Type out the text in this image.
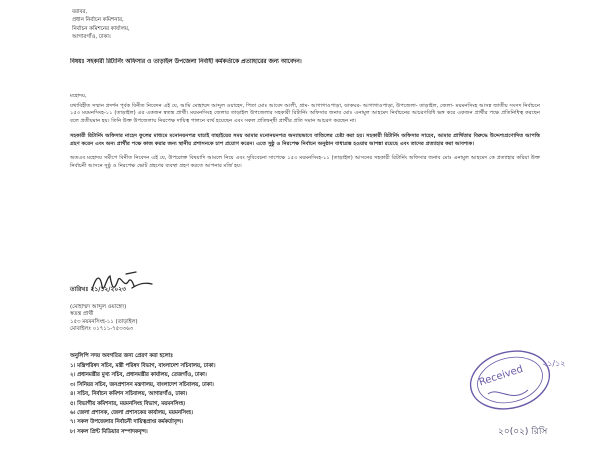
বরাবর,
প্রধান নির্বাচন কমিশনার,
নির্বাচন কমিশনের কার্যালয়,
আগারগাঁও, ঢাকা।
বিষয়ঃ সহকারী রিটার্নিং অফিসার ও তাড়াইল উপজেলা নির্বাহী কর্মকর্তাকে প্রত্যাহারের জন্য আবেদন।
মহোদয়,

যথাবিহীত সম্মান প্রদর্শন পূর্বক বিনীত নিবেদন এই যে, আমি মোহাম্মদ আব্দুল ওয়াহেদ, পিতা মোঃ আবেদ আলী, গ্রাম- আগাগাওপাড়া, ডাকঘর- আগাগাওপাড়া, উপজেলা- তাড়াইল, জেলা- ময়মনসিংহ আসন্ন জাতীয় সংসদ নির্বাচনে ১৫৩ ময়মনসিংহ-১১ (তাড়াইল) এর একজন স্বতন্ত্র প্রার্থী। ময়মনসিংহ জেলার তাড়াইল উপজেলার সহকারী রিটার্নিং অফিসার জনাব মোঃ এনামুল আহমেদ নির্বাচনের আচরণবিধি ভঙ্গ করে একজন প্রার্থীর পক্ষে প্রতিনিধিত্ব করছেন বলে প্রতীয়মান হয়। তিনি উক্ত উপজেলায় নিরপেক্ষ দায়িত্ব পালনে ব্যর্থ হয়েছেন এবং সকল প্রতিদ্বন্দ্বী প্রার্থীর প্রতি সমান আচরণ করছেন না।

সহকারী রিটার্নিং অফিসার নাহেদ ফুলের মাধ্যমে মনোনয়নপত্র যাচাই বাছাইয়ের সময় আমার মনোনয়নপত্র অন্যায়ভাবে বাতিলের চেষ্টা করা হয়। সহকারী রিটার্নিং অফিসার সাহেব, আমার প্রার্থিতার বিরুদ্ধে উদ্দেশ্যপ্রণোদিত আপত্তি গ্রহণ করেন এবং অন্য প্রার্থীর পক্ষে কাজ করার জন্য স্থানীয় প্রশাসনকে চাপ প্রয়োগ করেন। এতে সুষ্ঠু ও নিরপেক্ষ নির্বাচন অনুষ্ঠান বাধাগ্রস্ত হওয়ার আশঙ্কা রয়েছে এবং তাদের প্রত্যাহার করা আবশ্যক।

অতএব মহোদয় সমীপে বিনীত নিবেদন এই যে, উপরোক্ত বিষয়াদি আমলে নিয়ে এবং সুবিবেচনা সাপেক্ষে ১৫৩ ময়মনসিংহ-১১ (তাড়াইল) আসনের সহকারী রিটার্নিং অফিসার জনাব মোঃ এনামুল আহমেদ কে প্রত্যাহার করিয়া উক্ত নির্বাচনী আসনে সুষ্ঠু ও নিরপেক্ষ ভোট গ্রহণের ব্যবস্থা গ্রহণ করতে আপনার মর্জি হয়।

তারিখঃ ২১/১২/২০২৩
(মোহাম্মদ আব্দুল ওয়াহেদ)
স্বতন্ত্র প্রার্থী
১৫৩ ময়মনসিংহ-১১ (তাড়াইল)
মোবাইলঃ ০১৭১১-৭৫৩৩৬৩
অনুলিপি সদয় অবগতির জন্য প্রেরণ করা হলোঃ
১। মন্ত্রিপরিষদ সচিব, মন্ত্রী পরিষদ বিভাগ, বাংলাদেশ সচিবালয়, ঢাকা।
২। প্রধানমন্ত্রীর মুখ্য সচিব, প্রধানমন্ত্রীর কার্যালয়, তেজগাঁও, ঢাকা।
৩। সিনিয়র সচিব, জনপ্রশাসন মন্ত্রণালয়, বাংলাদেশ সচিবালয়, ঢাকা।
৪। সচিব, নির্বাচন কমিশন সচিবালয়, আগারগাঁও, ঢাকা।
৫। বিভাগীয় কমিশনার, ময়মনসিংহ বিভাগ, ময়মনসিংহ।
৬। জেলা প্রশাসক, জেলা প্রশাসকের কার্যালয়, ময়মনসিংহ।
৭। সকল উপজেলার নির্বাচনী দায়িত্বপ্রাপ্ত কর্মকর্তাবৃন্দ।
৮। সকল প্রিন্ট মিডিয়ার সম্পাদকবৃন্দ।
Received
২১/১২
২০(০২) রিসি
